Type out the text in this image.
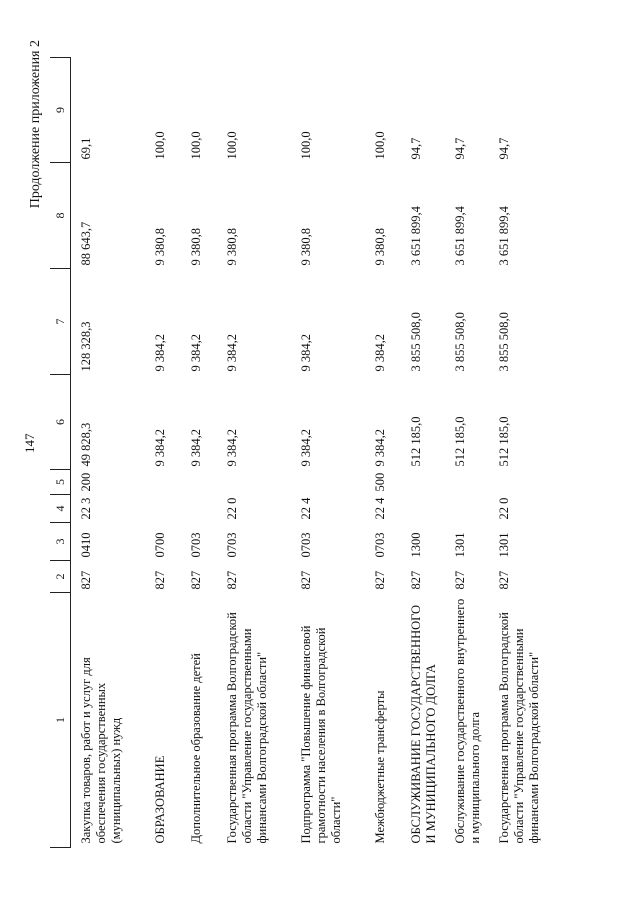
147
Продолжение приложения 2
1	2	3	4	5	6	7	8	9
Закупка товаров, работ и услуг для обеспечения государственных (муниципальных) нужд	827	0410	22 3	200	49 828,3	128 328,3	88 643,7	69,1
ОБРАЗОВАНИЕ	827	0700			9 384,2	9 384,2	9 380,8	100,0
Дополнительное образование детей	827	0703			9 384,2	9 384,2	9 380,8	100,0
Государственная программа Волгоградской области "Управление государственными финансами Волгоградской области"	827	0703	22 0		9 384,2	9 384,2	9 380,8	100,0
Подпрограмма "Повышение финансовой грамотности населения в Волгоградской области"	827	0703	22 4		9 384,2	9 384,2	9 380,8	100,0
Межбюджетные трансферты	827	0703	22 4	500	9 384,2	9 384,2	9 380,8	100,0
ОБСЛУЖИВАНИЕ ГОСУДАРСТВЕННОГО И МУНИЦИПАЛЬНОГО ДОЛГА	827	1300			512 185,0	3 855 508,0	3 651 899,4	94,7
Обслуживание государственного внутреннего и муниципального долга	827	1301			512 185,0	3 855 508,0	3 651 899,4	94,7
Государственная программа Волгоградской области "Управление государственными финансами Волгоградской области"	827	1301	22 0		512 185,0	3 855 508,0	3 651 899,4	94,7
